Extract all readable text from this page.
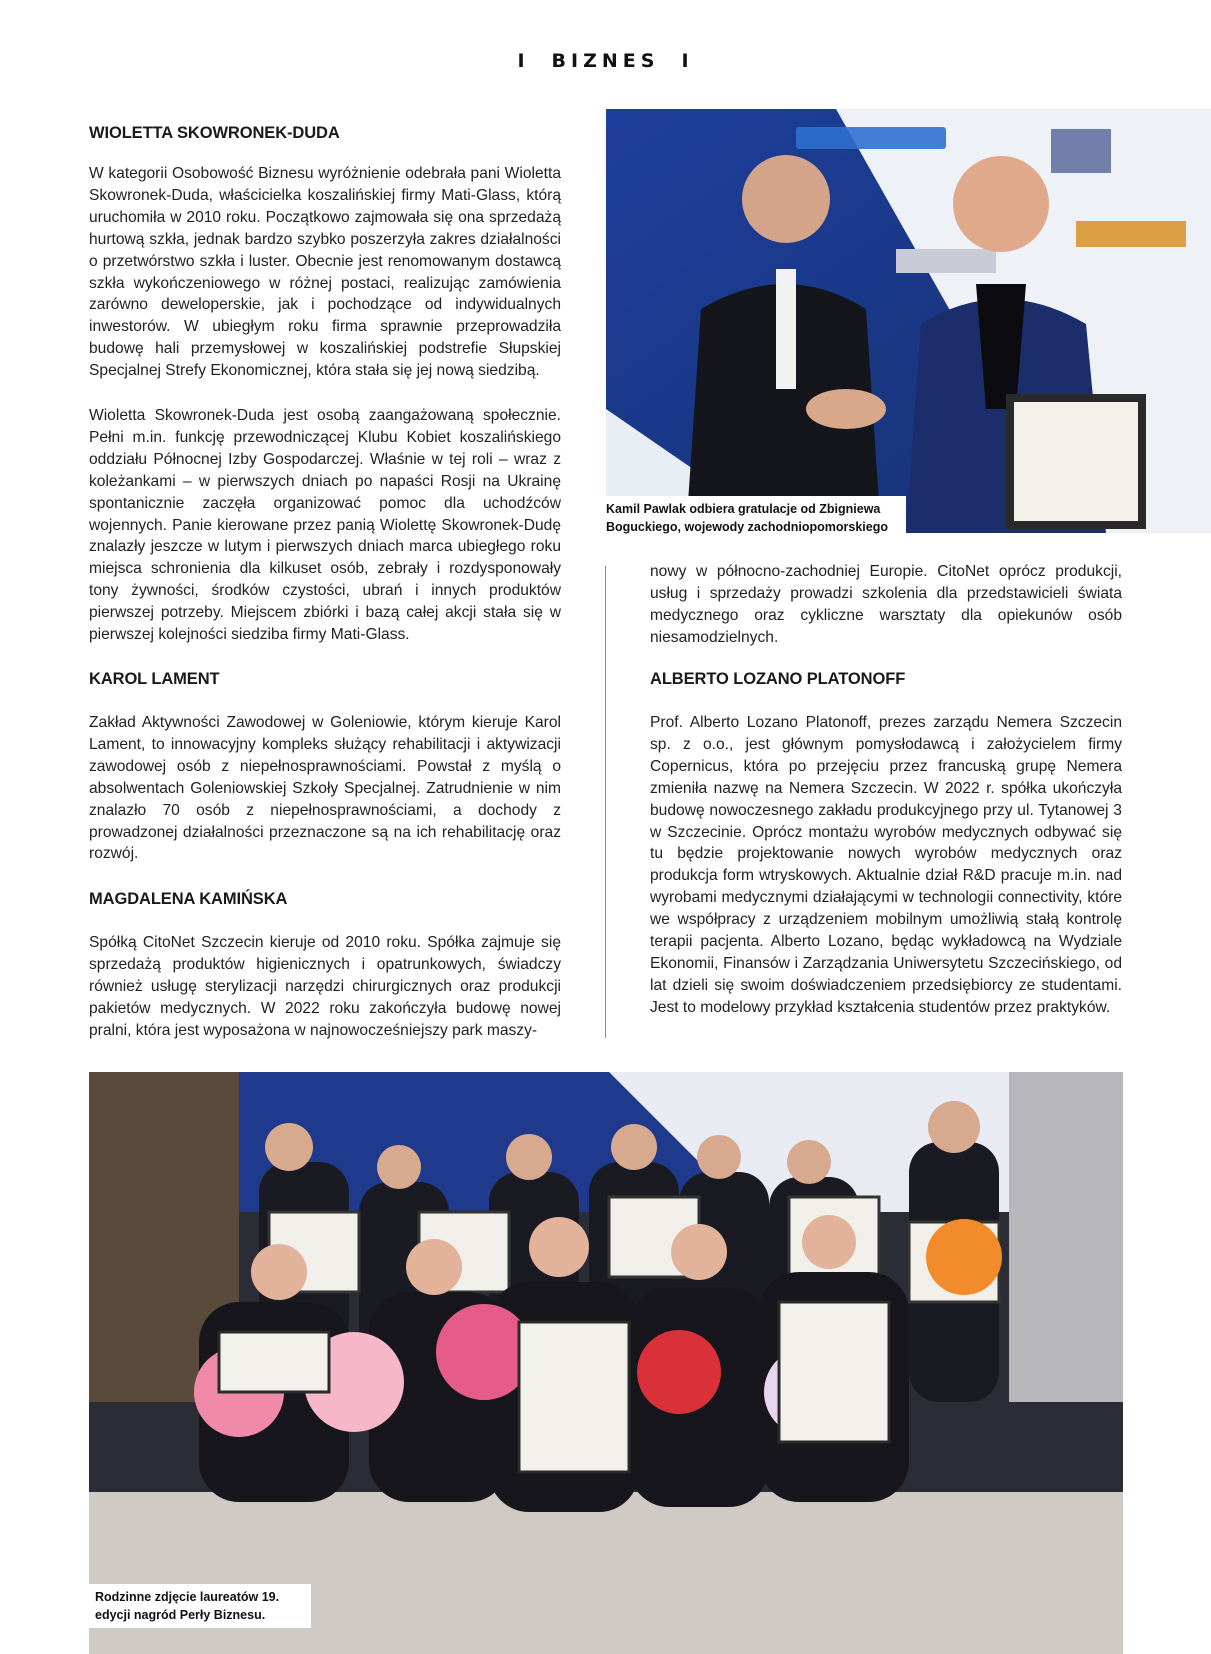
I BIZNES I
WIOLETTA SKOWRONEK-DUDA

W kategorii Osobowość Biznesu wyróżnienie odebrała pani Wioletta Skowronek-Duda, właścicielka koszalińskiej firmy Mati-Glass, którą uruchomiła w 2010 roku. Początkowo zajmowała się ona sprzedażą hurtową szkła, jednak bardzo szybko poszerzyła zakres działalności o przetwórstwo szkła i luster. Obecnie jest renomowanym dostawcą szkła wykończeniowego w różnej postaci, realizując zamówienia zarówno deweloperskie, jak i pochodzące od indywidualnych inwestorów. W ubiegłym roku firma sprawnie przeprowadziła budowę hali przemysłowej w koszalińskiej podstrefie Słupskiej Specjalnej Strefy Ekonomicznej, która stała się jej nową siedzibą.

Wioletta Skowronek-Duda jest osobą zaangażowaną społecznie. Pełni m.in. funkcję przewodniczącej Klubu Kobiet koszalińskiego oddziału Północnej Izby Gospodarczej. Właśnie w tej roli – wraz z koleżankami – w pierwszych dniach po napaści Rosji na Ukrainę spontanicznie zaczęła organizować pomoc dla uchodźców wojennych. Panie kierowane przez panią Wiolettę Skowronek-Dudę znalazły jeszcze w lutym i pierwszych dniach marca ubiegłego roku miejsca schronienia dla kilkuset osób, zebrały i rozdysponowały tony żywności, środków czystości, ubrań i innych produktów pierwszej potrzeby. Miejscem zbiórki i bazą całej akcji stała się w pierwszej kolejności siedziba firmy Mati-Glass.

KAROL LAMENT

Zakład Aktywności Zawodowej w Goleniowie, którym kieruje Karol Lament, to innowacyjny kompleks służący rehabilitacji i aktywizacji zawodowej osób z niepełnosprawnościami. Powstał z myślą o absolwentach Goleniowskiej Szkoły Specjalnej. Zatrudnienie w nim znalazło 70 osób z niepełnosprawnościami, a dochody z prowadzonej działalności przeznaczone są na ich rehabilitację oraz rozwój.

MAGDALENA KAMIŃSKA

Spółką CitoNet Szczecin kieruje od 2010 roku. Spółka zajmuje się sprzedażą produktów higienicznych i opatrunkowych, świadczy również usługę sterylizacji narzędzi chirurgicznych oraz produkcji pakietów medycznych. W 2022 roku zakończyła budowę nowej pralni, która jest wyposażona w najnowocześniejszy park maszy-

nowy w północno-zachodniej Europie. CitoNet oprócz produkcji, usług i sprzedaży prowadzi szkolenia dla przedstawicieli świata medycznego oraz cykliczne warsztaty dla opiekunów osób niesamodzielnych.

ALBERTO LOZANO PLATONOFF

Prof. Alberto Lozano Platonoff, prezes zarządu Nemera Szczecin sp. z o.o., jest głównym pomysłodawcą i założycielem firmy Copernicus, która po przejęciu przez francuską grupę Nemera zmieniła nazwę na Nemera Szczecin. W 2022 r. spółka ukończyła budowę nowoczesnego zakładu produkcyjnego przy ul. Tytanowej 3 w Szczecinie. Oprócz montażu wyrobów medycznych odbywać się tu będzie projektowanie nowych wyrobów medycznych oraz produkcja form wtryskowych. Aktualnie dział R&D pracuje m.in. nad wyrobami medycznymi działającymi w technologii connectivity, które we współpracy z urządzeniem mobilnym umożliwią stałą kontrolę terapii pacjenta. Alberto Lozano, będąc wykładowcą na Wydziale Ekonomii, Finansów i Zarządzania Uniwersytetu Szczecińskiego, od lat dzieli się swoim doświadczeniem przedsiębiorcy ze studentami. Jest to modelowy przykład kształcenia studentów przez praktyków.

Kamil Pawlak odbiera gratulacje od Zbigniewa Boguckiego, wojewody zachodniopomorskiego
Rodzinne zdjęcie laureatów 19. edycji nagród Perły Biznesu.
